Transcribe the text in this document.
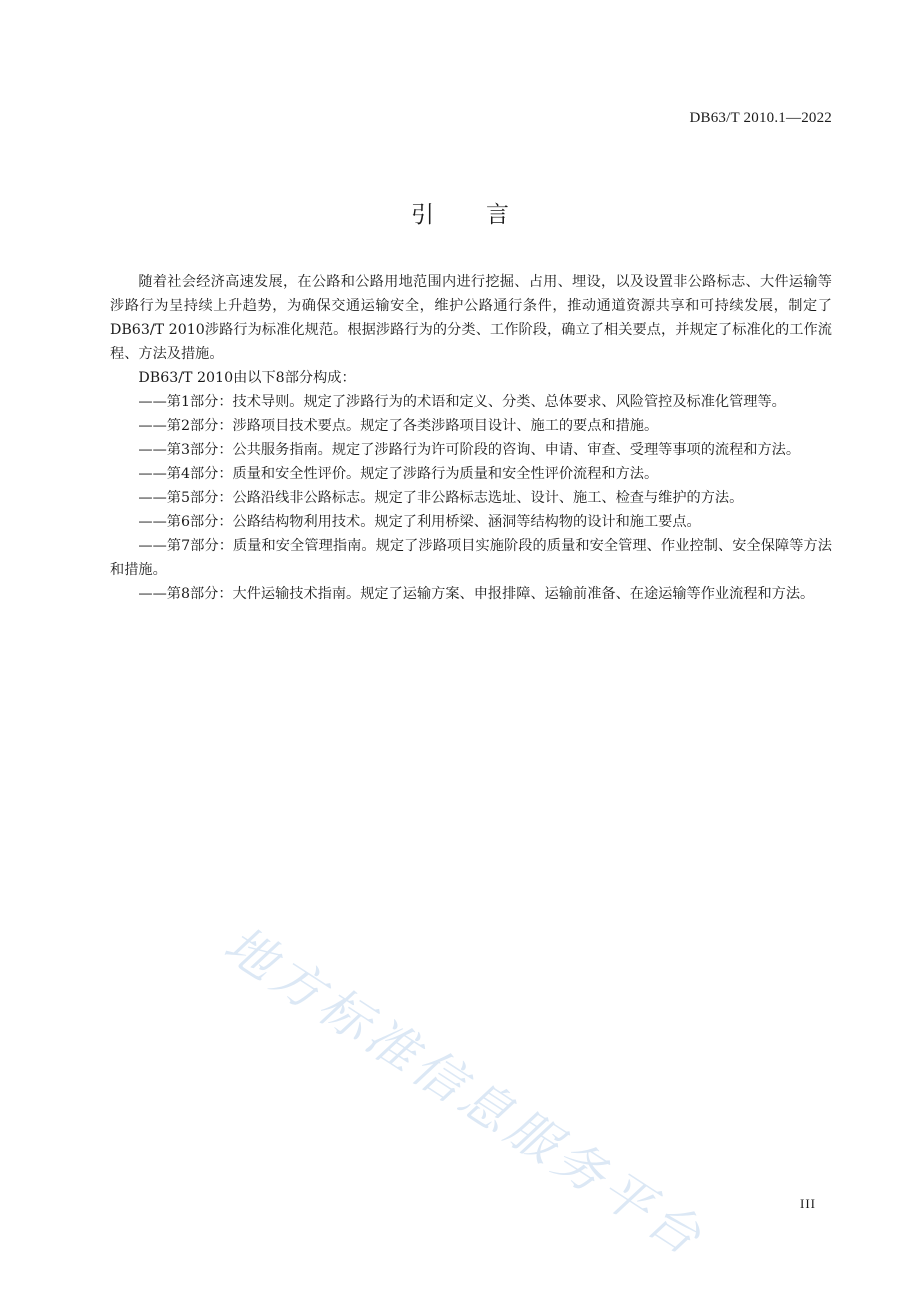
DB63/T 2010.1—2022
引言

随着社会经济高速发展，在公路和公路用地范围内进行挖掘、占用、埋设，以及设置非公路标志、大件运输等涉路行为呈持续上升趋势，为确保交通运输安全，维护公路通行条件，推动通道资源共享和可持续发展，制定了DB63/T 2010涉路行为标准化规范。根据涉路行为的分类、工作阶段，确立了相关要点，并规定了标准化的工作流程、方法及措施。

DB63/T 2010由以下8部分构成：

——第1部分：技术导则。规定了涉路行为的术语和定义、分类、总体要求、风险管控及标准化管理等。

——第2部分：涉路项目技术要点。规定了各类涉路项目设计、施工的要点和措施。

——第3部分：公共服务指南。规定了涉路行为许可阶段的咨询、申请、审查、受理等事项的流程和方法。

——第4部分：质量和安全性评价。规定了涉路行为质量和安全性评价流程和方法。

——第5部分：公路沿线非公路标志。规定了非公路标志选址、设计、施工、检查与维护的方法。

——第6部分：公路结构物利用技术。规定了利用桥梁、涵洞等结构物的设计和施工要点。

——第7部分：质量和安全管理指南。规定了涉路项目实施阶段的质量和安全管理、作业控制、安全保障等方法和措施。

——第8部分：大件运输技术指南。规定了运输方案、申报排障、运输前准备、在途运输等作业流程和方法。

地方标准信息服务平台	III
